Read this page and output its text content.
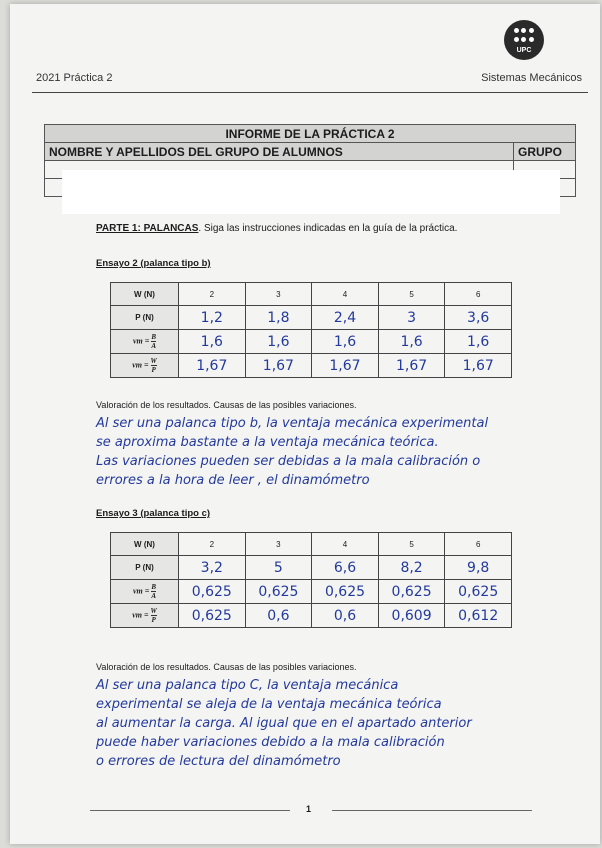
2021 Práctica 2
UPC
Sistemas Mecánicos
INFORME DE LA PRÁCTICA 2	
NOMBRE Y APELLIDOS DEL GRUPO DE ALUMNOS	GRUPO

PARTE 1: PALANCAS. Siga las instrucciones indicadas en la guía de la práctica.
Ensayo 2 (palanca tipo b)
W (N)	2	3	4	5	6
P (N)	1,2	1,8	2,4	3	3,6
vm = $\frac{B}{A}$	1,6	1,6	1,6	1,6	1,6
vm = $\frac{W}{P}$	1,67	1,67	1,67	1,67	1,67
Valoración de los resultados. Causas de las posibles variaciones.
Al ser una palanca tipo b, la ventaja mecánica experimental
se aproxima bastante a la ventaja mecánica teórica.
Las variaciones pueden ser debidas a la mala calibración o
errores a la hora de leer , el dinamómetro
Ensayo 3 (palanca tipo c)
W (N)	2	3	4	5	6
P (N)	3,2	5	6,6	8,2	9,8
vm = $\frac{B}{A}$	0,625	0,625	0,625	0,625	0,625
vm = $\frac{W}{P}$	0,625	0,6	0,6	0,609	0,612
Valoración de los resultados. Causas de las posibles variaciones.
Al ser una palanca tipo C, la ventaja mecánica
experimental se aleja de la ventaja mecánica teórica
al aumentar la carga. Al igual que en el apartado anterior
puede haber variaciones debido a la mala calibración
o errores de lectura del dinamómetro
1
